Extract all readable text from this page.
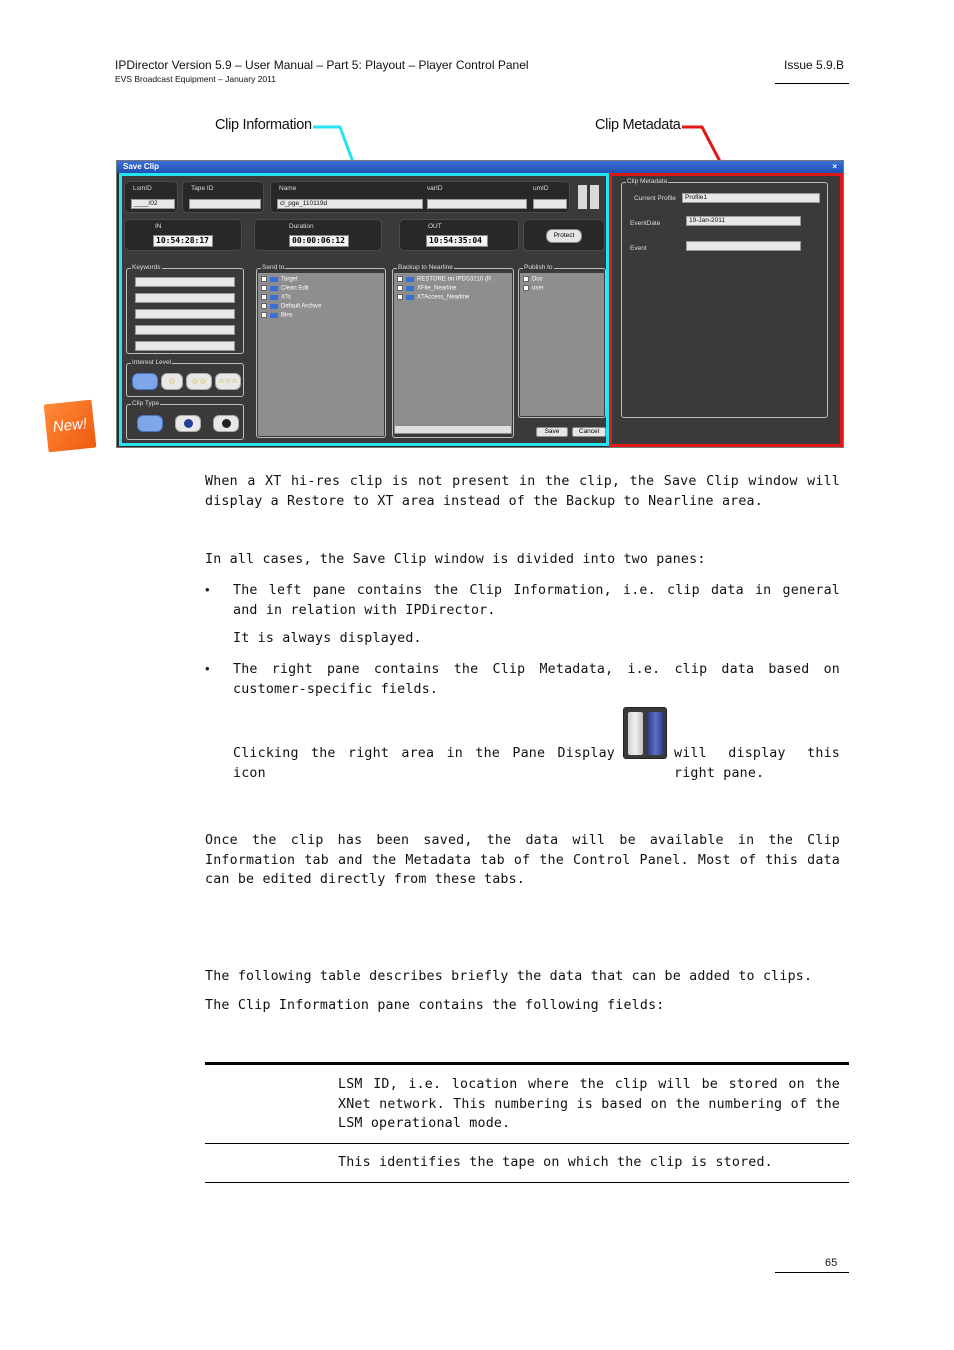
IPDirector Version 5.9 – User Manual – Part 5: Playout – Player Control Panel
EVS Broadcast Equipment – January 2011
Issue 5.9.B
Clip Information	Clip Metadata
New!
Save Clip	×
LsmID
____/02
Tape ID	Name
cl_pge_110119d
varID	umID
IN
10:54:28:17
Duration
00:00:06:12
OUT
10:54:35:04
Protect
Keywords
Interest Level
☆	☆☆	☆☆☆
Clip Type
Send to
Target
Clean Edit
XTs
Default Archive
Bins
Backup to Nearline
RESTORE on IPDS3210 (R
XFile_Nearline
XTAccess_Nearline
Publish to
Doc
user
Save	Cancel
Clip Metadata
Current Profile	Profile1
EventDate	19-Jan-2011
Event
When a XT hi-res clip is not present in the clip, the Save Clip window will display a Restore to XT area instead of the Backup to Nearline area.
In all cases, the Save Clip window is divided into two panes:
• The left pane contains the Clip Information, i.e. clip data in general and in relation with IPDirector.
It is always displayed.
• The right pane contains the Clip Metadata, i.e. clip data based on customer-specific fields.
Clicking the right area in the Pane Display icon
will display this right pane.
Once the clip has been saved, the data will be available in the Clip Information tab and the Metadata tab of the Control Panel. Most of this data can be edited directly from these tabs.
The following table describes briefly the data that can be added to clips.
The Clip Information pane contains the following fields:
LSM ID, i.e. location where the clip will be stored on the XNet network. This numbering is based on the numbering of the LSM operational mode.
This identifies the tape on which the clip is stored.
65
